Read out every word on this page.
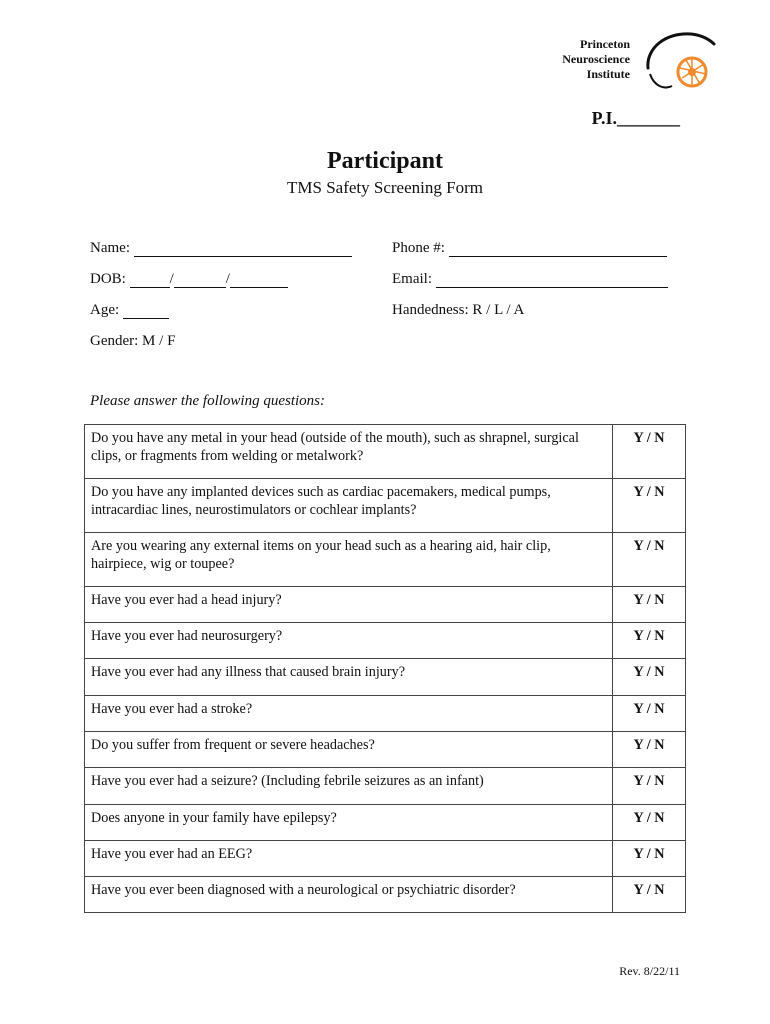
Princeton
Neuroscience
Institute
P.I._______
Participant
TMS Safety Screening Form
Name:	Phone #:
DOB:	/	/	Email:
Age:	Handedness: R / L / A
Gender: M / F
Please answer the following questions:
Do you have any metal in your head (outside of the mouth), such as shrapnel, surgical clips, or fragments from welding or metalwork?	Y / N
Do you have any implanted devices such as cardiac pacemakers, medical pumps, intracardiac lines, neurostimulators or cochlear implants?	Y / N
Are you wearing any external items on your head such as a hearing aid, hair clip, hairpiece, wig or toupee?	Y / N
Have you ever had a head injury?	Y / N
Have you ever had neurosurgery?	Y / N
Have you ever had any illness that caused brain injury?	Y / N
Have you ever had a stroke?	Y / N
Do you suffer from frequent or severe headaches?	Y / N
Have you ever had a seizure? (Including febrile seizures as an infant)	Y / N
Does anyone in your family have epilepsy?	Y / N
Have you ever had an EEG?	Y / N
Have you ever been diagnosed with a neurological or psychiatric disorder?	Y / N
Rev. 8/22/11
